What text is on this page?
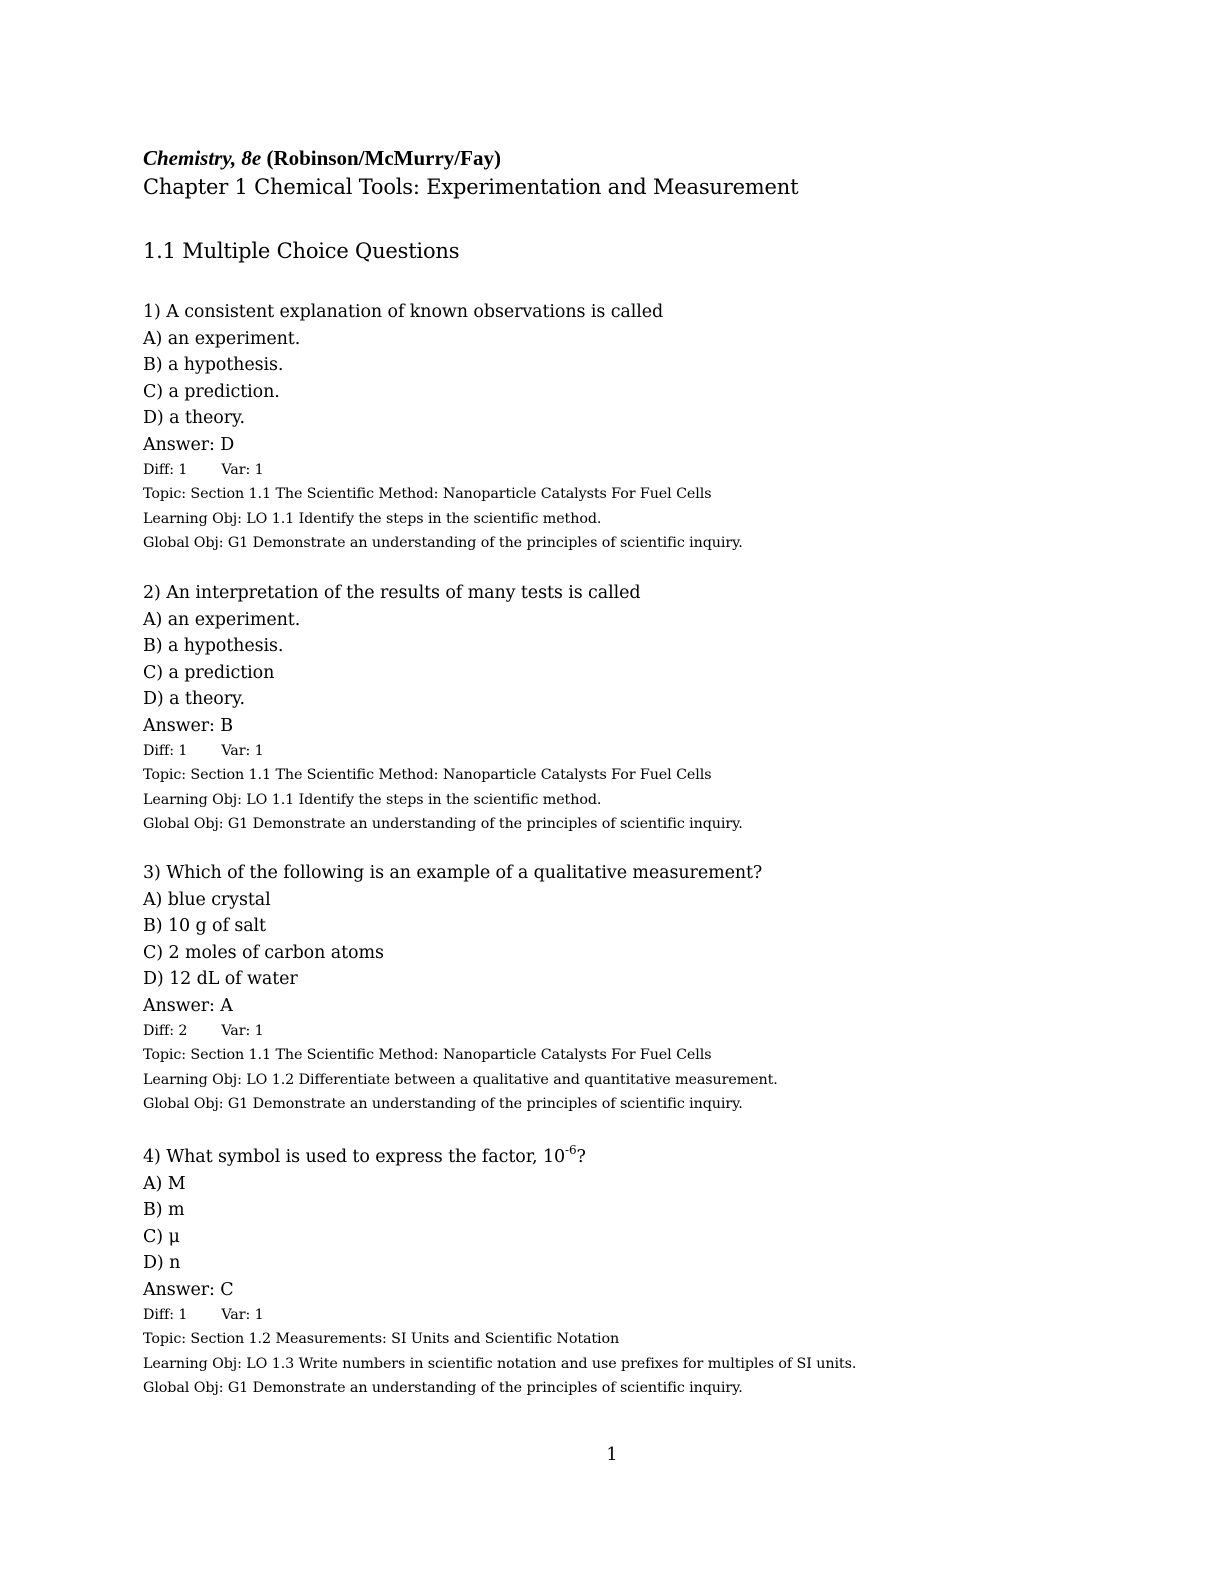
Chemistry, 8e (Robinson/McMurry/Fay)
Chapter 1 Chemical Tools: Experimentation and Measurement
1.1 Multiple Choice Questions
1) A consistent explanation of known observations is called
A) an experiment.
B) a hypothesis.
C) a prediction.
D) a theory.
Answer: D
Diff: 1 Var: 1
Topic: Section 1.1 The Scientific Method: Nanoparticle Catalysts For Fuel Cells
Learning Obj: LO 1.1 Identify the steps in the scientific method.
Global Obj: G1 Demonstrate an understanding of the principles of scientific inquiry.
2) An interpretation of the results of many tests is called
A) an experiment.
B) a hypothesis.
C) a prediction
D) a theory.
Answer: B
Diff: 1 Var: 1
Topic: Section 1.1 The Scientific Method: Nanoparticle Catalysts For Fuel Cells
Learning Obj: LO 1.1 Identify the steps in the scientific method.
Global Obj: G1 Demonstrate an understanding of the principles of scientific inquiry.
3) Which of the following is an example of a qualitative measurement?
A) blue crystal
B) 10 g of salt
C) 2 moles of carbon atoms
D) 12 dL of water
Answer: A
Diff: 2 Var: 1
Topic: Section 1.1 The Scientific Method: Nanoparticle Catalysts For Fuel Cells
Learning Obj: LO 1.2 Differentiate between a qualitative and quantitative measurement.
Global Obj: G1 Demonstrate an understanding of the principles of scientific inquiry.
4) What symbol is used to express the factor, $10^{-6}$?
A) M
B) m
C) μ
D) n
Answer: C
Diff: 1 Var: 1
Topic: Section 1.2 Measurements: SI Units and Scientific Notation
Learning Obj: LO 1.3 Write numbers in scientific notation and use prefixes for multiples of SI units.
Global Obj: G1 Demonstrate an understanding of the principles of scientific inquiry.
1
